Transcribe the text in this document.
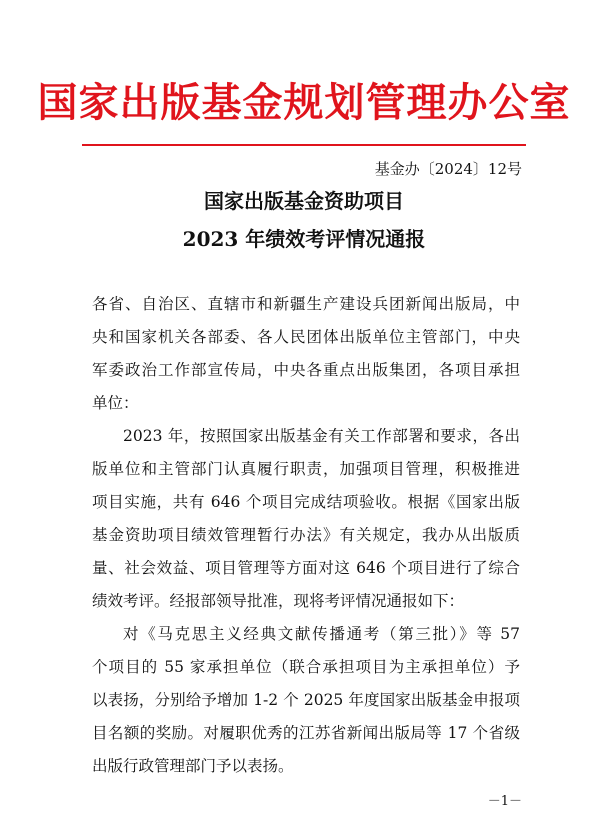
国家出版基金规划管理办公室
基金办〔2024〕12号
国家出版基金资助项目
2023 年绩效考评情况通报
各省、自治区、直辖市和新疆生产建设兵团新闻出版局，中
央和国家机关各部委、各人民团体出版单位主管部门，中央
军委政治工作部宣传局，中央各重点出版集团，各项目承担
单位：
2023 年，按照国家出版基金有关工作部署和要求，各出
版单位和主管部门认真履行职责，加强项目管理，积极推进
项目实施，共有 646 个项目完成结项验收。根据《国家出版
基金资助项目绩效管理暂行办法》有关规定，我办从出版质
量、社会效益、项目管理等方面对这 646 个项目进行了综合
绩效考评。经报部领导批准，现将考评情况通报如下：
对《马克思主义经典文献传播通考（第三批）》等 57
个项目的 55 家承担单位（联合承担项目为主承担单位）予
以表扬，分别给予增加 1-2 个 2025 年度国家出版基金申报项
目名额的奖励。对履职优秀的江苏省新闻出版局等 17 个省级
出版行政管理部门予以表扬。
－1－
